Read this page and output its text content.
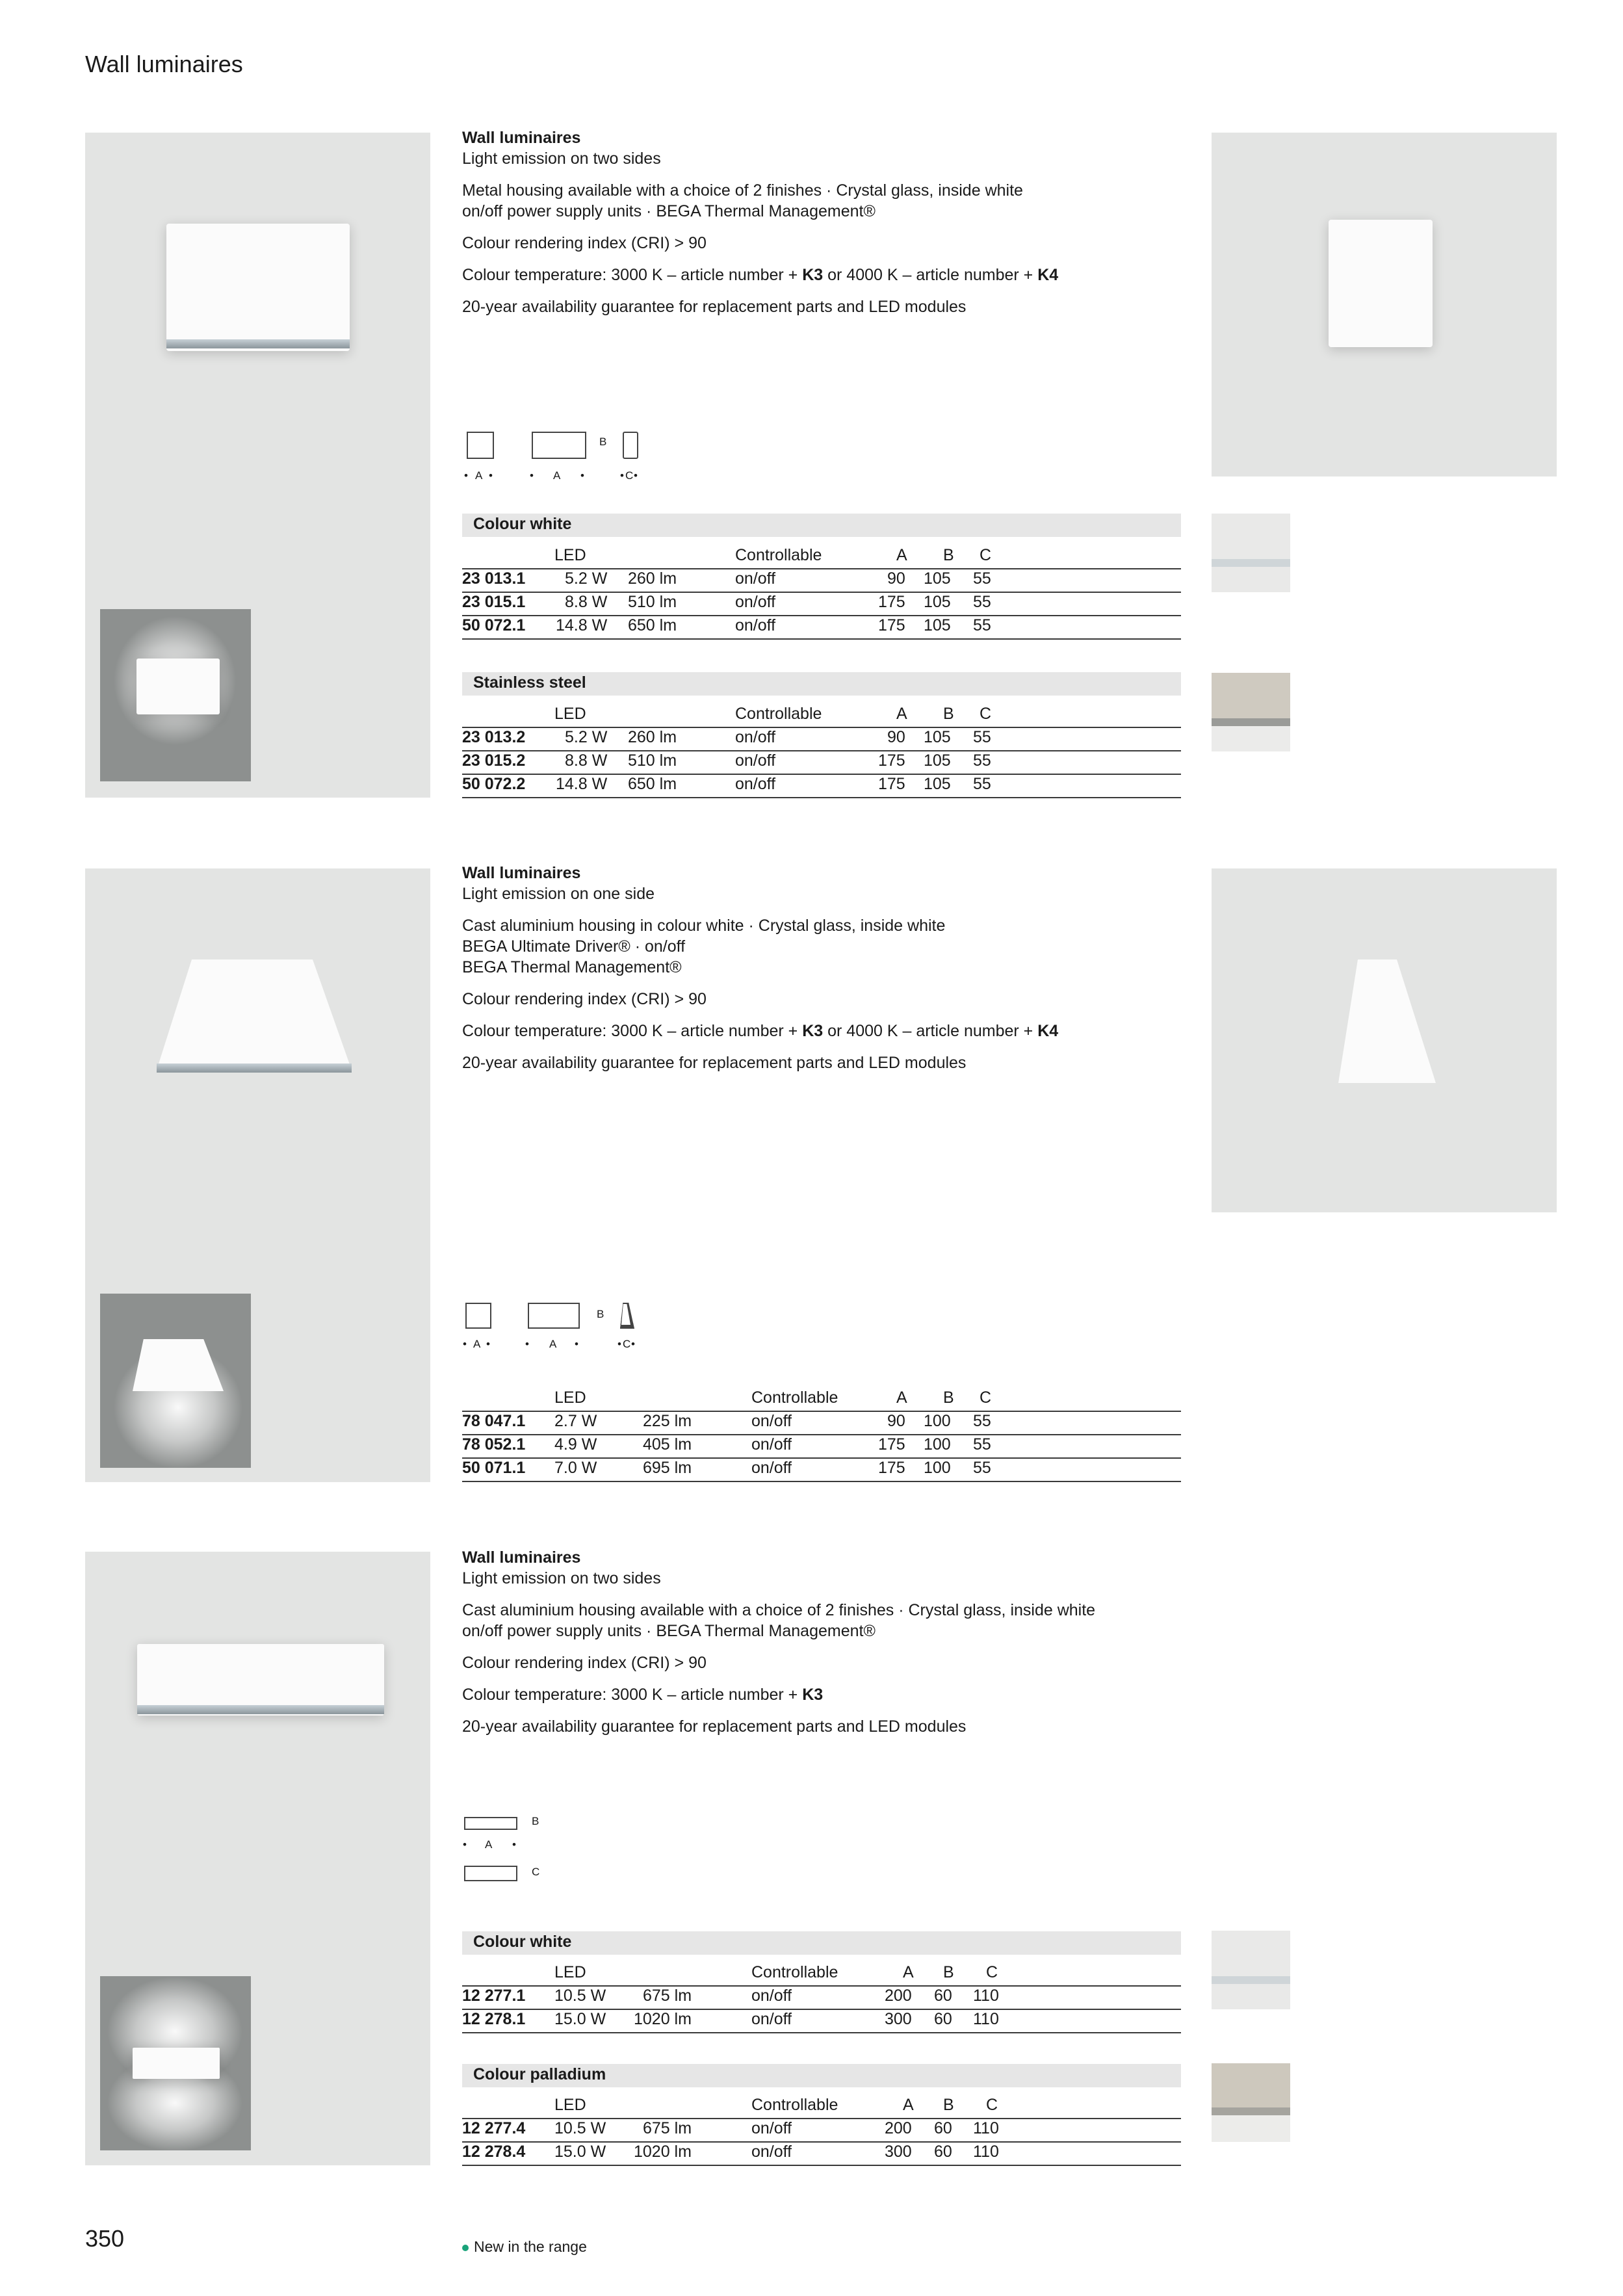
Wall luminaires
Wall luminaires

Light emission on two sides

Metal housing available with a choice of 2 finishes · Crystal glass, inside white

on/off power supply units · BEGA Thermal Management®

Colour rendering index (CRI) > 90

Colour temperature: 3000 K – article number + K3 or 4000 K – article number + K4

20-year availability guarantee for replacement parts and LED modules

• A •	• A •
B
• C •
Colour white
LED	Controllable	A B C
23 013.1 5.2 W 260 lm	on/off	90 105 55
23 015.1 8.8 W 510 lm	on/off	175 105 55
50 072.1 14.8 W 650 lm	on/off	175 105 55
Stainless steel
LED	Controllable	A B C
23 013.2 5.2 W 260 lm	on/off	90 105 55
23 015.2 8.8 W 510 lm	on/off	175 105 55
50 072.2 14.8 W 650 lm	on/off	175 105 55
Wall luminaires

Light emission on one side

Cast aluminium housing in colour white · Crystal glass, inside white
BEGA Ultimate Driver® · on/off

BEGA Thermal Management®

Colour rendering index (CRI) > 90

Colour temperature: 3000 K – article number + K3 or 4000 K – article number + K4

20-year availability guarantee for replacement parts and LED modules

• A •	• A •
B
• C •
LED	Controllable	A B C
78 047.1 2.7 W	225 lm	on/off	90 100 55
78 052.1 4.9 W	405 lm	on/off	175 100 55
50 071.1 7.0 W	695 lm	on/off	175 100 55
Wall luminaires

Light emission on two sides

Cast aluminium housing available with a choice of 2 finishes · Crystal glass, inside white

on/off power supply units · BEGA Thermal Management®

Colour rendering index (CRI) > 90

Colour temperature: 3000 K – article number + K3

20-year availability guarantee for replacement parts and LED modules

B
• A •
C
Colour white
LED	Controllable	A B C
12 277.1 10.5 W 675 lm	on/off	200 60 110
12 278.1 15.0 W 1020 lm	on/off	300 60 110
Colour palladium
LED	Controllable	A B C
12 277.4 10.5 W 675 lm	on/off	200 60 110
12 278.4 15.0 W 1020 lm	on/off	300 60 110
350	New in the range
